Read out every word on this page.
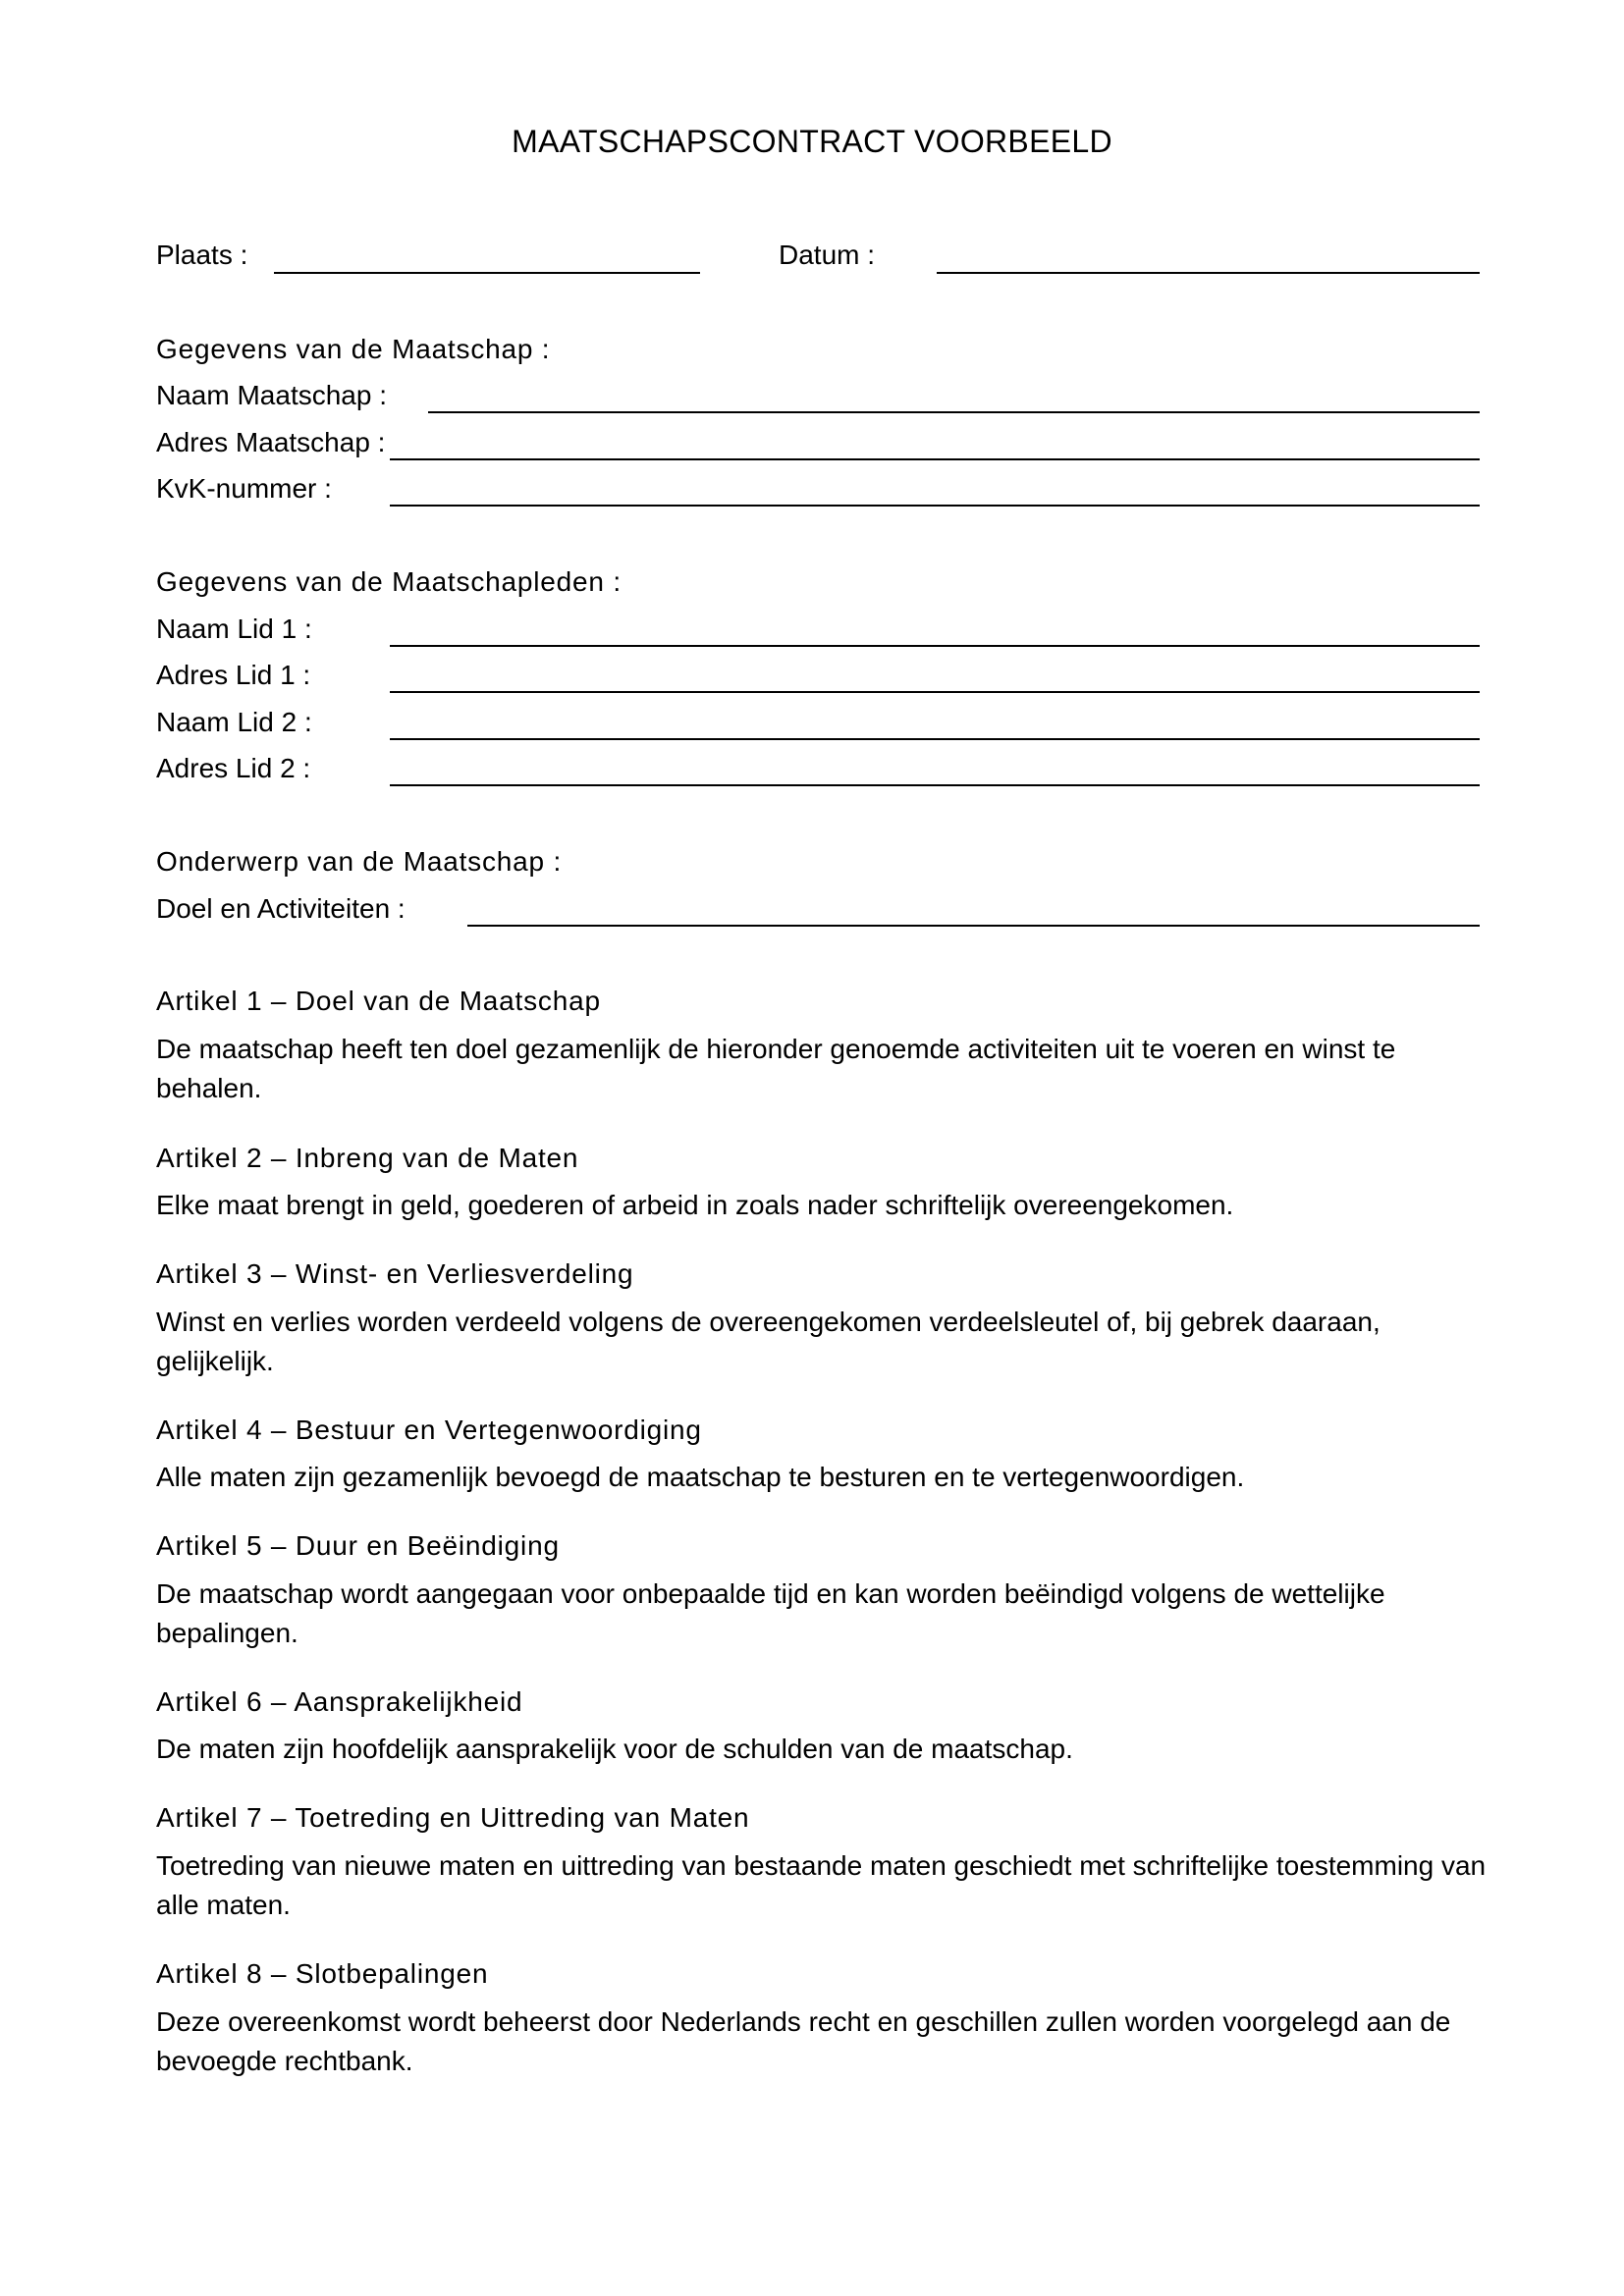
MAATSCHAPSCONTRACT VOORBEELD
Plaats :	Datum :
Gegevens van de Maatschap :
Naam Maatschap :
Adres Maatschap :
KvK-nummer :
Gegevens van de Maatschapleden :
Naam Lid 1 :
Adres Lid 1 :
Naam Lid 2 :
Adres Lid 2 :
Onderwerp van de Maatschap :
Doel en Activiteiten :
Artikel 1 – Doel van de Maatschap
De maatschap heeft ten doel gezamenlijk de hieronder genoemde activiteiten uit te voeren en winst te behalen.
Artikel 2 – Inbreng van de Maten
Elke maat brengt in geld, goederen of arbeid in zoals nader schriftelijk overeengekomen.
Artikel 3 – Winst- en Verliesverdeling
Winst en verlies worden verdeeld volgens de overeengekomen verdeelsleutel of, bij gebrek daaraan, gelijkelijk.
Artikel 4 – Bestuur en Vertegenwoordiging
Alle maten zijn gezamenlijk bevoegd de maatschap te besturen en te vertegenwoordigen.
Artikel 5 – Duur en Beëindiging
De maatschap wordt aangegaan voor onbepaalde tijd en kan worden beëindigd volgens de wettelijke bepalingen.
Artikel 6 – Aansprakelijkheid
De maten zijn hoofdelijk aansprakelijk voor de schulden van de maatschap.
Artikel 7 – Toetreding en Uittreding van Maten
Toetreding van nieuwe maten en uittreding van bestaande maten geschiedt met schriftelijke toestemming van alle maten.
Artikel 8 – Slotbepalingen
Deze overeenkomst wordt beheerst door Nederlands recht en geschillen zullen worden voorgelegd aan de bevoegde rechtbank.
